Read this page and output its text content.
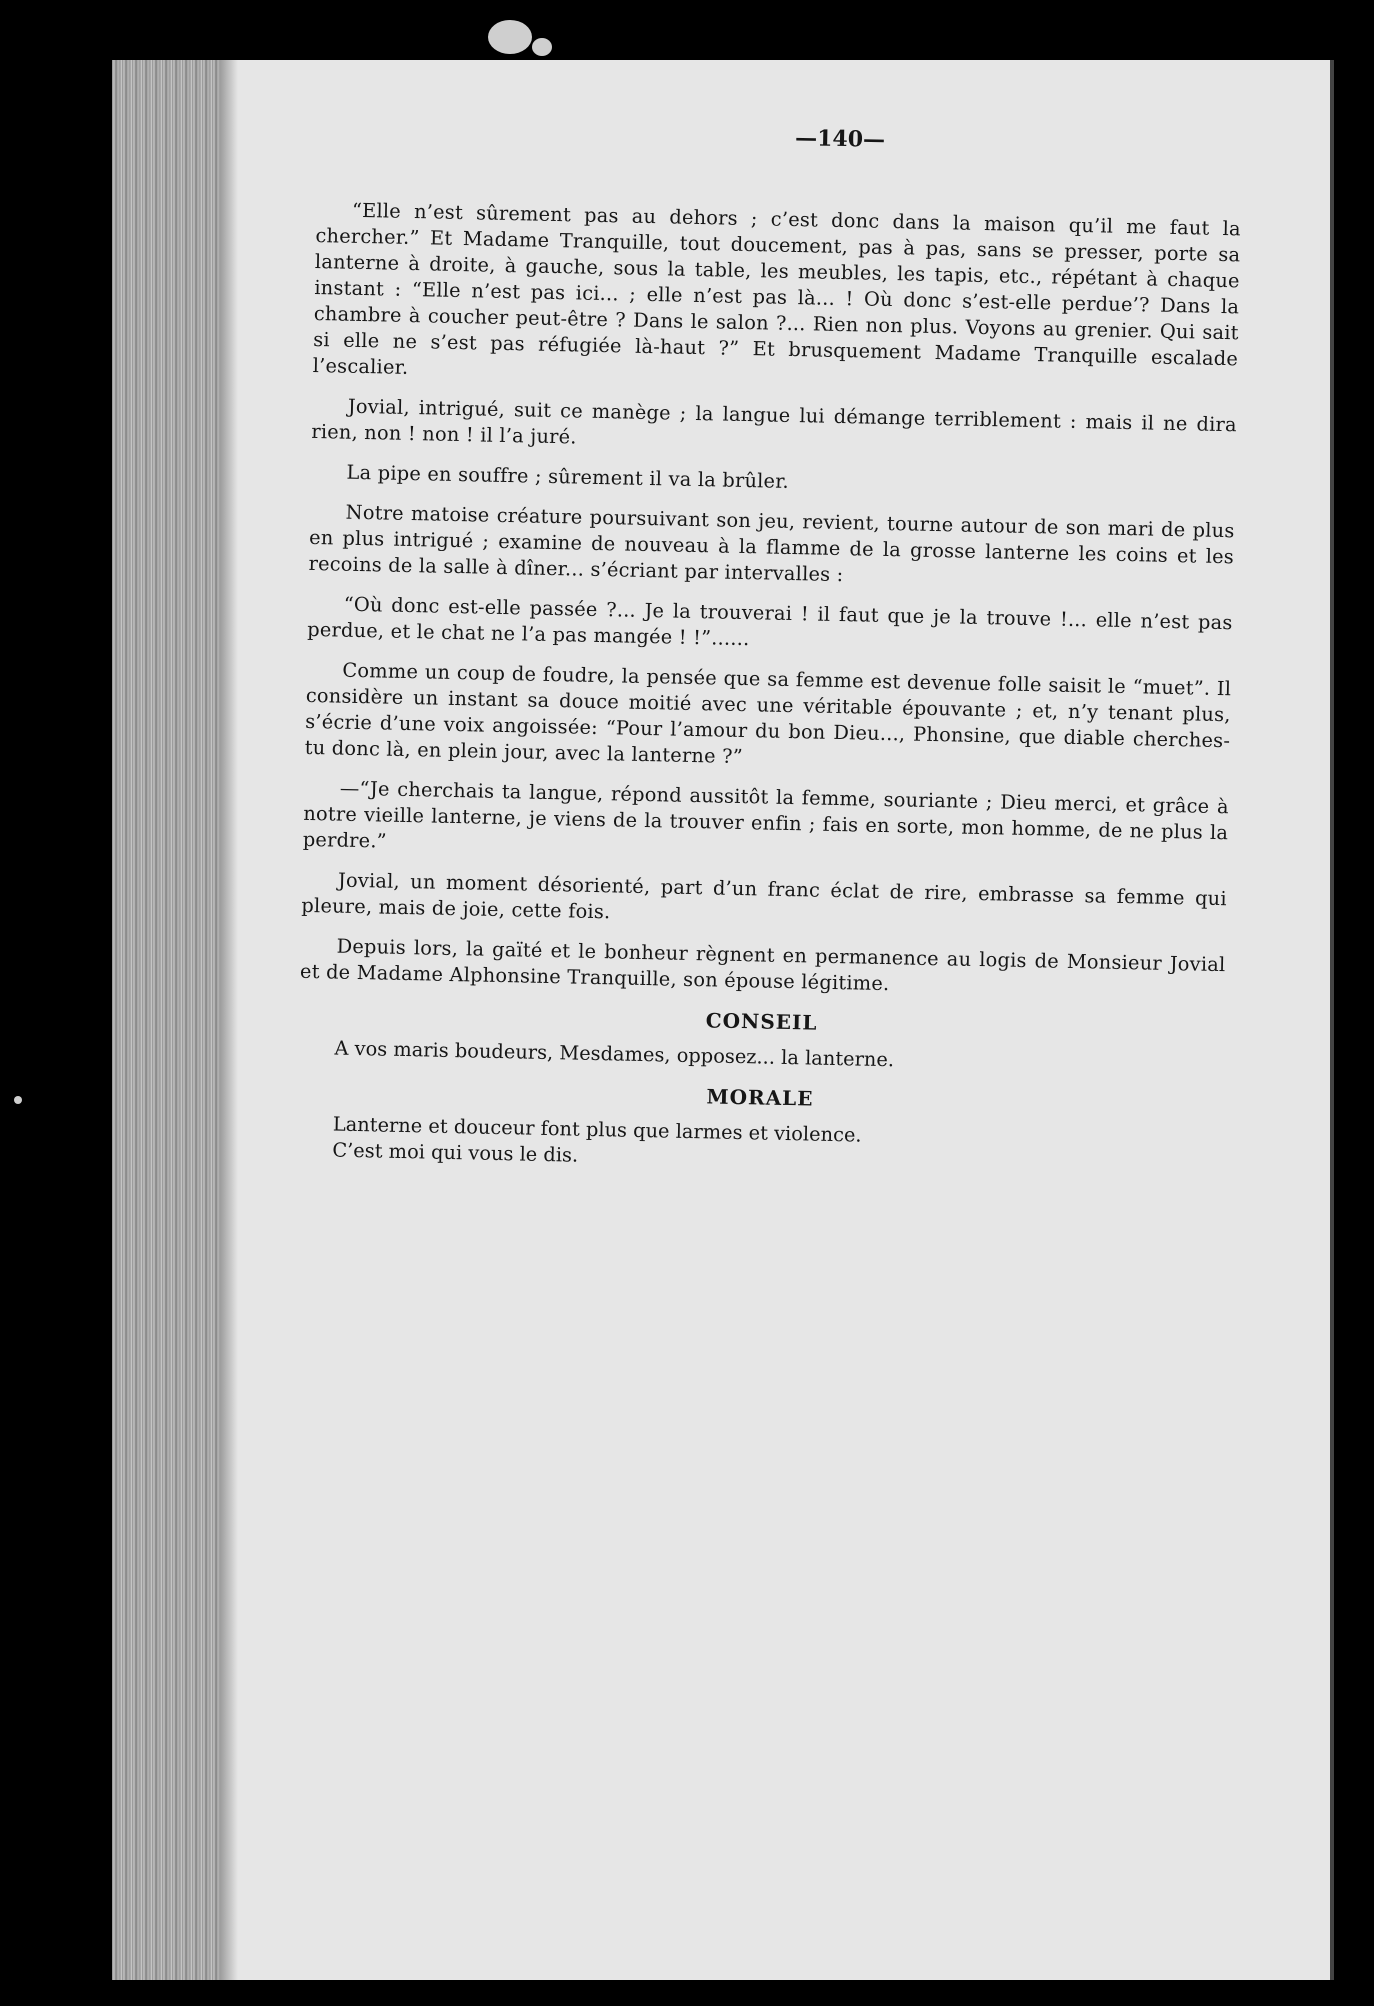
—140—

“Elle n’est sûrement pas au dehors ; c’est donc dans la maison qu’il me faut la chercher.” Et Madame Tranquille, tout doucement, pas à pas, sans se presser, porte sa lanterne à droite, à gauche, sous la table, les meubles, les tapis, etc., répétant à chaque instant : “Elle n’est pas ici... ; elle n’est pas là... ! Où donc s’est-elle perdue’? Dans la chambre à coucher peut-être ? Dans le salon ?... Rien non plus. Voyons au grenier. Qui sait si elle ne s’est pas réfugiée là-haut ?” Et brusquement Madame Tranquille escalade l’escalier.

Jovial, intrigué, suit ce manège ; la langue lui démange terriblement : mais il ne dira rien, non ! non ! il l’a juré.

La pipe en souffre ; sûrement il va la brûler.

Notre matoise créature poursuivant son jeu, revient, tourne autour de son mari de plus en plus intrigué ; examine de nouveau à la flamme de la grosse lanterne les coins et les recoins de la salle à dîner... s’écriant par intervalles :

“Où donc est-elle passée ?... Je la trouverai ! il faut que je la trouve !... elle n’est pas perdue, et le chat ne l’a pas mangée ! !”......

Comme un coup de foudre, la pensée que sa femme est devenue folle saisit le “muet”. Il considère un instant sa douce moitié avec une véritable épouvante ; et, n’y tenant plus, s’écrie d’une voix angoissée: “Pour l’amour du bon Dieu..., Phonsine, que diable cherches-tu donc là, en plein jour, avec la lanterne ?”

—“Je cherchais ta langue, répond aussitôt la femme, souriante ; Dieu merci, et grâce à notre vieille lanterne, je viens de la trouver enfin ; fais en sorte, mon homme, de ne plus la perdre.”

Jovial, un moment désorienté, part d’un franc éclat de rire, embrasse sa femme qui pleure, mais de joie, cette fois.

Depuis lors, la gaïté et le bonheur règnent en permanence au logis de Monsieur Jovial et de Madame Alphonsine Tranquille, son épouse légitime.

CONSEIL

A vos maris boudeurs, Mesdames, opposez... la lanterne.

MORALE

Lanterne et douceur font plus que larmes et violence.

C’est moi qui vous le dis.
